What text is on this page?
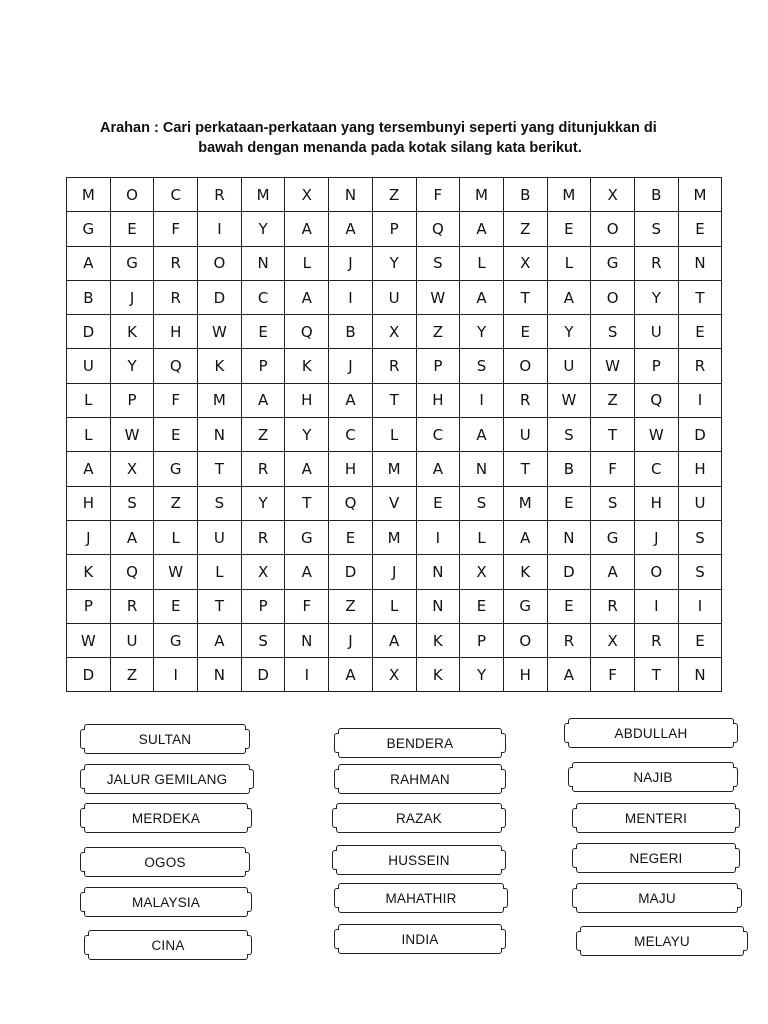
Arahan : Cari perkataan-perkataan yang tersembunyi seperti yang ditunjukkan di
bawah dengan menanda pada kotak silang kata berikut.
M	O	C	R	M	X	N	Z	F	M	B	M	X	B	M
G	E	F	I	Y	A	A	P	Q	A	Z	E	O	S	E
A	G	R	O	N	L	J	Y	S	L	X	L	G	R	N
B	J	R	D	C	A	I	U	W	A	T	A	O	Y	T
D	K	H	W	E	Q	B	X	Z	Y	E	Y	S	U	E
U	Y	Q	K	P	K	J	R	P	S	O	U	W	P	R
L	P	F	M	A	H	A	T	H	I	R	W	Z	Q	I
L	W	E	N	Z	Y	C	L	C	A	U	S	T	W	D
A	X	G	T	R	A	H	M	A	N	T	B	F	C	H
H	S	Z	S	Y	T	Q	V	E	S	M	E	S	H	U
J	A	L	U	R	G	E	M	I	L	A	N	G	J	S
K	Q	W	L	X	A	D	J	N	X	K	D	A	O	S
P	R	E	T	P	F	Z	L	N	E	G	E	R	I	I
W	U	G	A	S	N	J	A	K	P	O	R	X	R	E
D	Z	I	N	D	I	A	X	K	Y	H	A	F	T	N
SULTAN	BENDERA
ABDULLAH
JALUR GEMILANG	RAHMAN	NAJIB
MERDEKA	RAZAK	MENTERI
OGOS	HUSSEIN	NEGERI
MALAYSIA	MAHATHIR	MAJU
CINA	INDIA	MELAYU
